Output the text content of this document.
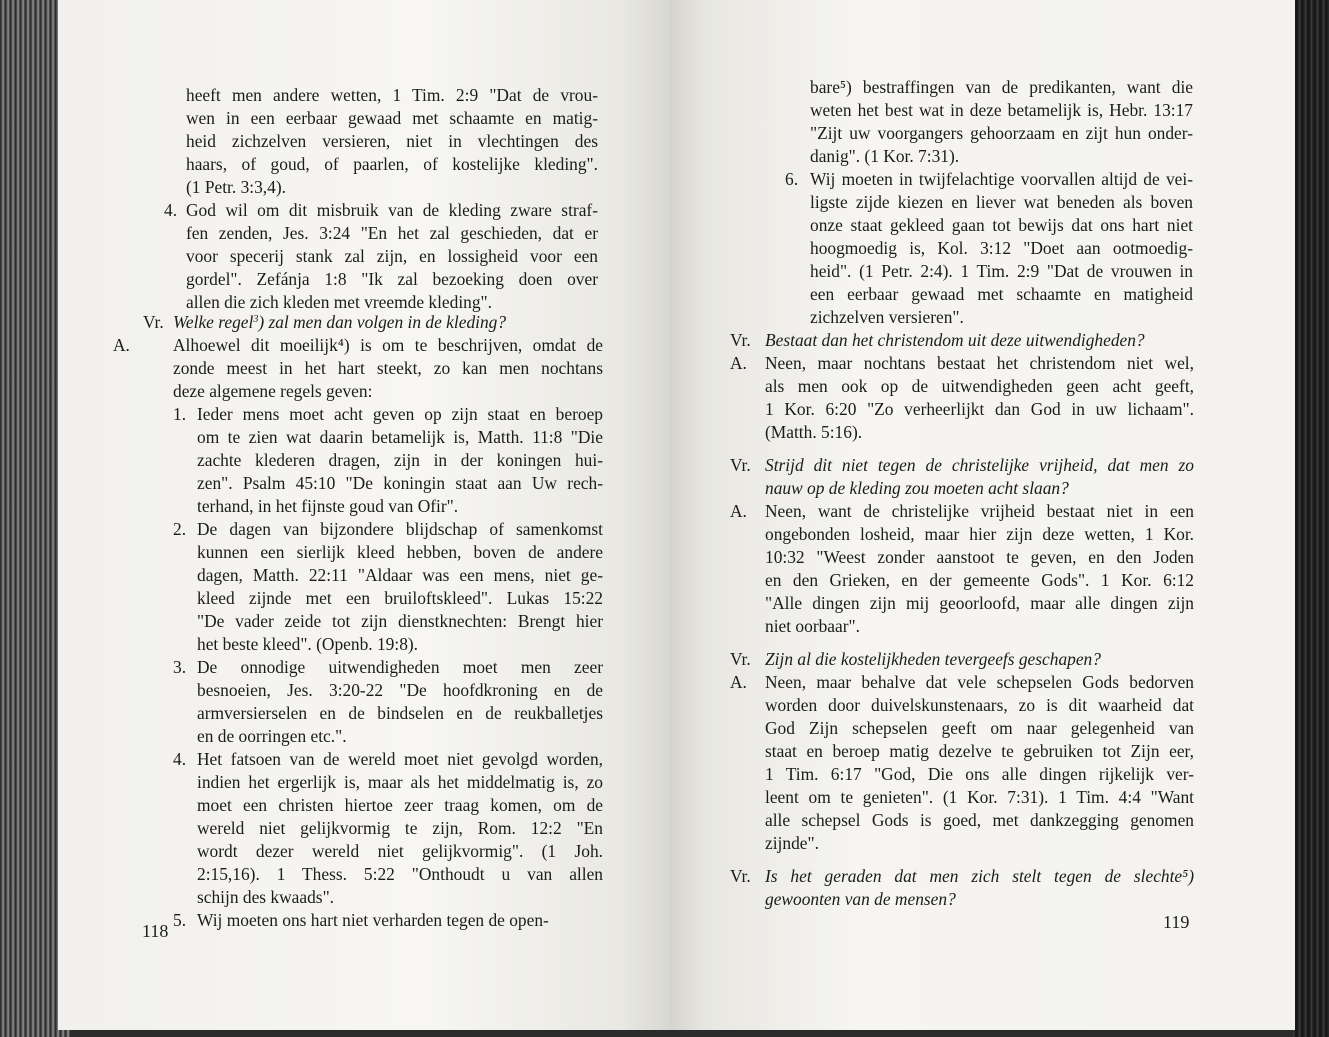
heeft men andere wetten, 1 Tim. 2:9 "Dat de vrou-
wen in een eerbaar gewaad met schaamte en matig-
heid zichzelven versieren, niet in vlechtingen des
haars, of goud, of paarlen, of kostelijke kleding".
(1 Petr. 3:3,4).
4. God wil om dit misbruik van de kleding zware straf-
fen zenden, Jes. 3:24 "En het zal geschieden, dat er
voor specerij stank zal zijn, en lossigheid voor een
gordel". Zefánja 1:8 "Ik zal bezoeking doen over
allen die zich kleden met vreemde kleding".
Vr. Welke regel$^3$) zal men dan volgen in de kleding?
A. Alhoewel dit moeilijk⁴) is om te beschrijven, omdat de
zonde meest in het hart steekt, zo kan men nochtans
deze algemene regels geven:
1. Ieder mens moet acht geven op zijn staat en beroep
om te zien wat daarin betamelijk is, Matth. 11:8 "Die
zachte klederen dragen, zijn in der koningen hui-
zen". Psalm 45:10 "De koningin staat aan Uw rech-
terhand, in het fijnste goud van Ofir".
2. De dagen van bijzondere blijdschap of samenkomst
kunnen een sierlijk kleed hebben, boven de andere
dagen, Matth. 22:11 "Aldaar was een mens, niet ge-
kleed zijnde met een bruiloftskleed". Lukas 15:22
"De vader zeide tot zijn dienstknechten: Brengt hier
het beste kleed". (Openb. 19:8).
3. De onnodige uitwendigheden moet men zeer
besnoeien, Jes. 3:20-22 "De hoofdkroning en de
armversierselen en de bindselen en de reukballetjes
en de oorringen etc.".
4. Het fatsoen van de wereld moet niet gevolgd worden,
indien het ergerlijk is, maar als het middelmatig is, zo
moet een christen hiertoe zeer traag komen, om de
wereld niet gelijkvormig te zijn, Rom. 12:2 "En
wordt dezer wereld niet gelijkvormig". (1 Joh.
2:15,16). 1 Thess. 5:22 "Onthoudt u van allen
schijn des kwaads".
5. Wij moeten ons hart niet verharden tegen de open-
118
bare⁵) bestraffingen van de predikanten, want die
weten het best wat in deze betamelijk is, Hebr. 13:17
"Zijt uw voorgangers gehoorzaam en zijt hun onder-
danig". (1 Kor. 7:31).
6. Wij moeten in twijfelachtige voorvallen altijd de vei-
ligste zijde kiezen en liever wat beneden als boven
onze staat gekleed gaan tot bewijs dat ons hart niet
hoogmoedig is, Kol. 3:12 "Doet aan ootmoedig-
heid". (1 Petr. 2:4). 1 Tim. 2:9 "Dat de vrouwen in
een eerbaar gewaad met schaamte en matigheid
zichzelven versieren".
Vr. Bestaat dan het christendom uit deze uitwendigheden?
A. Neen, maar nochtans bestaat het christendom niet wel,
als men ook op de uitwendigheden geen acht geeft,
1 Kor. 6:20 "Zo verheerlijkt dan God in uw lichaam".
(Matth. 5:16).
Vr. Strijd dit niet tegen de christelijke vrijheid, dat men zo
nauw op de kleding zou moeten acht slaan?
A. Neen, want de christelijke vrijheid bestaat niet in een
ongebonden losheid, maar hier zijn deze wetten, 1 Kor.
10:32 "Weest zonder aanstoot te geven, en den Joden
en den Grieken, en der gemeente Gods". 1 Kor. 6:12
"Alle dingen zijn mij geoorloofd, maar alle dingen zijn
niet oorbaar".
Vr. Zijn al die kostelijkheden tevergeefs geschapen?
A. Neen, maar behalve dat vele schepselen Gods bedorven
worden door duivelskunstenaars, zo is dit waarheid dat
God Zijn schepselen geeft om naar gelegenheid van
staat en beroep matig dezelve te gebruiken tot Zijn eer,
1 Tim. 6:17 "God, Die ons alle dingen rijkelijk ver-
leent om te genieten". (1 Kor. 7:31). 1 Tim. 4:4 "Want
alle schepsel Gods is goed, met dankzegging genomen
zijnde".
Vr. Is het geraden dat men zich stelt tegen de slechte⁵)
gewoonten van de mensen?
119
